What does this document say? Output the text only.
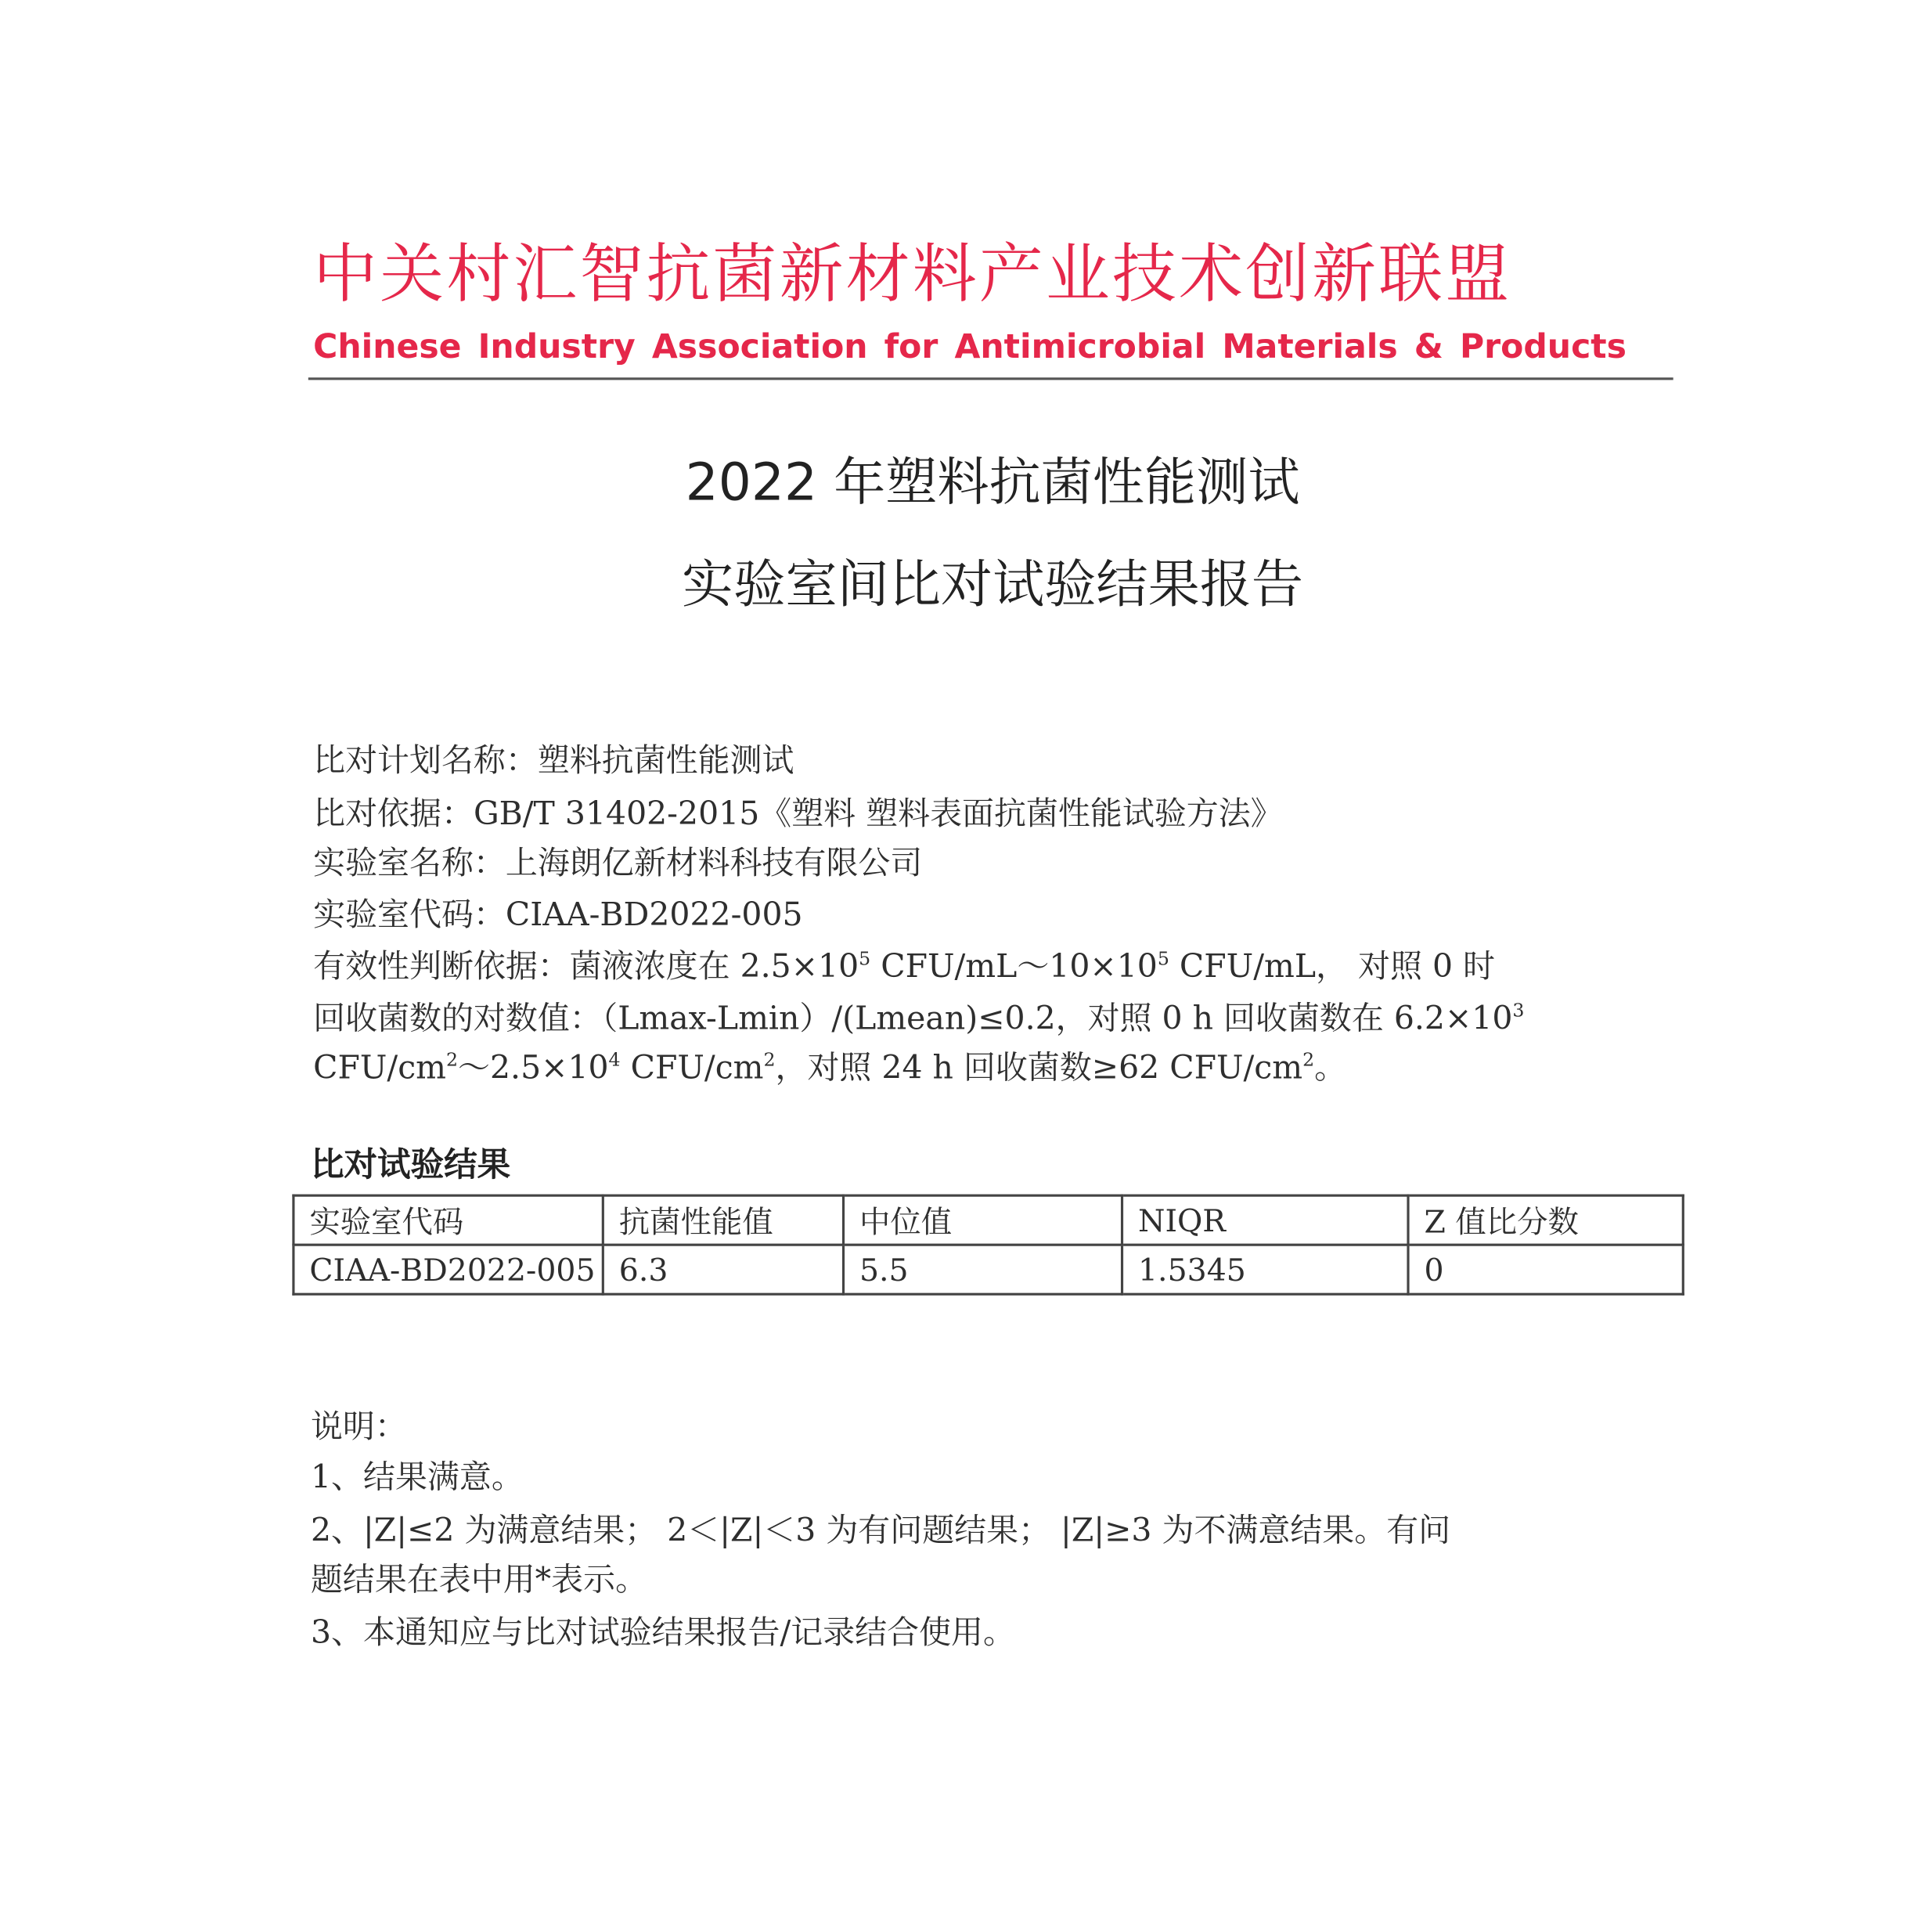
中关村汇智抗菌新材料产业技术创新联盟
Chinese Industry Association for Antimicrobial Materials & Products
2022 年塑料抗菌性能测试
实验室间比对试验结果报告
比对计划名称：塑料抗菌性能测试
比对依据：GB/T 31402-2015《塑料 塑料表面抗菌性能试验方法》
实验室名称：上海朗亿新材料科技有限公司
实验室代码：CIAA-BD2022-005
有效性判断依据：菌液浓度在 $2.5\times 10^5$ CFU/$mL\sim 10\times 10^5$ CFU/mL， 对照 0 时
回收菌数的对数值：（Lmax-Lmin）/(Lmean)≤0.2，对照 0 h 回收菌数在 $6.2\times 10^3$
CFU/$cm^2\sim 2.5\times 10^4$ CFU/$cm^2$，对照 24 h 回收菌数≥62 CFU/$cm^2$。
比对试验结果
实验室代码	抗菌性能值	中位值	NIQR	Z 值比分数
CIAA-BD2022-005	6.3	5.5	1.5345	0
说明：
1、结果满意。
2、|Z|≤2 为满意结果； 2＜|Z|＜3 为有问题结果； |Z|≥3 为不满意结果。有问
题结果在表中用*表示。
3、本通知应与比对试验结果报告/记录结合使用。
